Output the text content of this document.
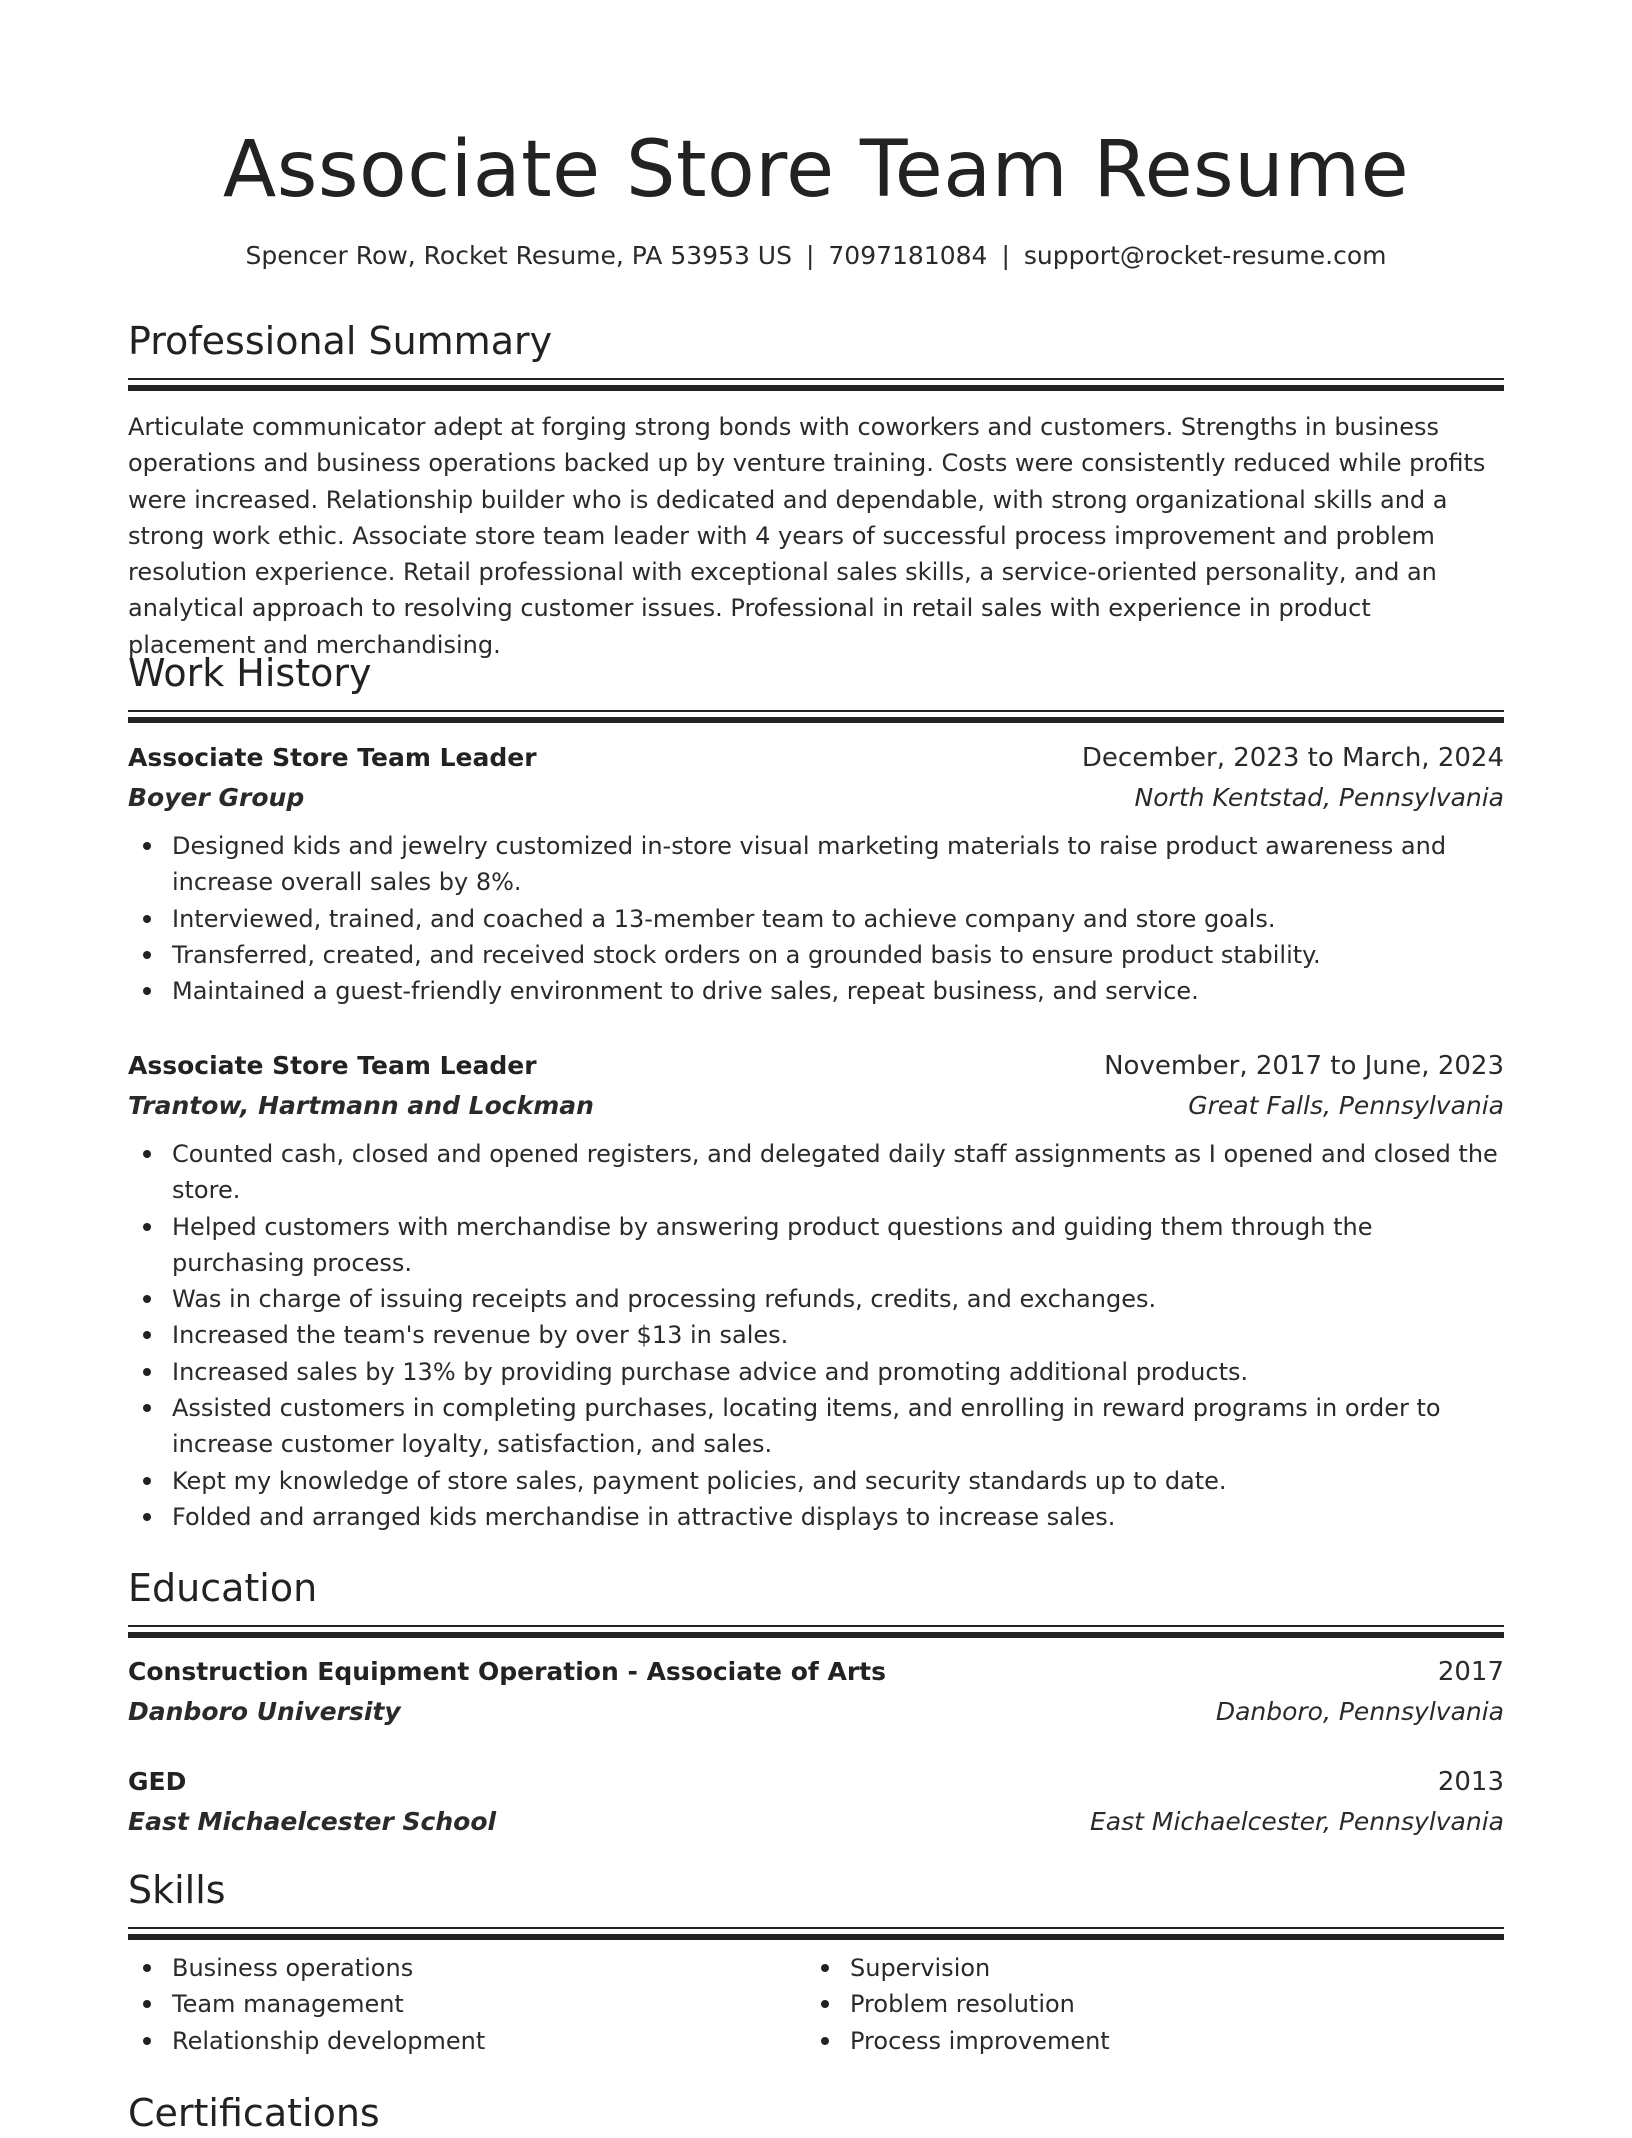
Associate Store Team Resume
Spencer Row, Rocket Resume, PA 53953 US | 7097181084 | support@rocket-resume.com
Professional Summary

Articulate communicator adept at forging strong bonds with coworkers and customers. Strengths in business operations and business operations backed up by venture training. Costs were consistently reduced while profits were increased. Relationship builder who is dedicated and dependable, with strong organizational skills and a strong work ethic. Associate store team leader with 4 years of successful process improvement and problem resolution experience. Retail professional with exceptional sales skills, a service-oriented personality, and an analytical approach to resolving customer issues. Professional in retail sales with experience in product placement and merchandising.

Work History
Associate Store Team Leader	December, 2023 to March, 2024
Boyer Group	North Kentstad, Pennsylvania
Designed kids and jewelry customized in-store visual marketing materials to raise product awareness and increase overall sales by 8%.
Interviewed, trained, and coached a 13-member team to achieve company and store goals.
Transferred, created, and received stock orders on a grounded basis to ensure product stability.
Maintained a guest-friendly environment to drive sales, repeat business, and service.
Associate Store Team Leader	November, 2017 to June, 2023
Trantow, Hartmann and Lockman	Great Falls, Pennsylvania
Counted cash, closed and opened registers, and delegated daily staff assignments as I opened and closed the store.
Helped customers with merchandise by answering product questions and guiding them through the purchasing process.
Was in charge of issuing receipts and processing refunds, credits, and exchanges.
Increased the team's revenue by over $13 in sales.
Increased sales by 13% by providing purchase advice and promoting additional products.
Assisted customers in completing purchases, locating items, and enrolling in reward programs in order to increase customer loyalty, satisfaction, and sales.
Kept my knowledge of store sales, payment policies, and security standards up to date.
Folded and arranged kids merchandise in attractive displays to increase sales.
Education
Construction Equipment Operation - Associate of Arts	2017
Danboro University	Danboro, Pennsylvania
GED	2013
East Michaelcester School	East Michaelcester, Pennsylvania
Skills
Business operations
Team management
Relationship development
Supervision
Problem resolution
Process improvement
Certifications
